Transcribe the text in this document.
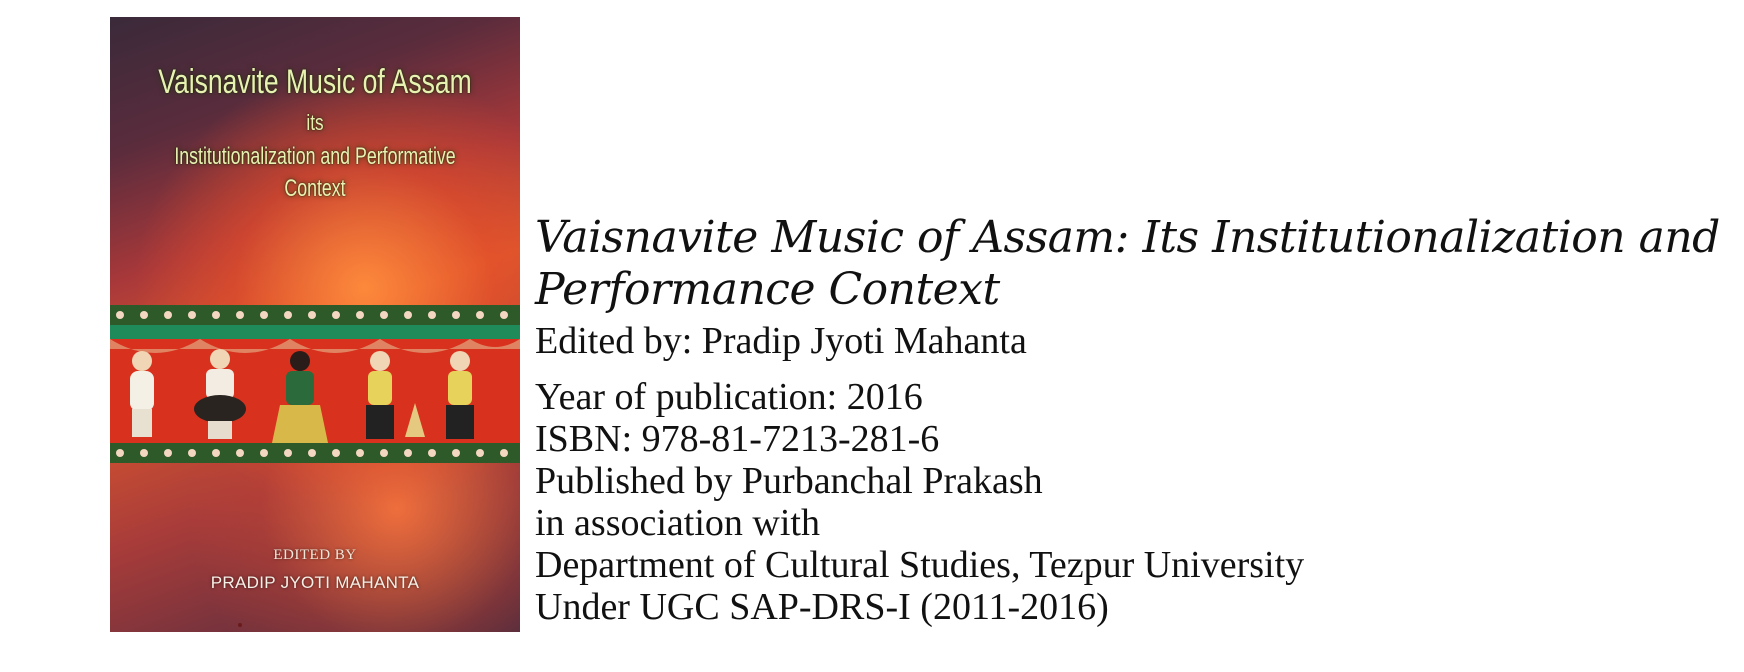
Vaisnavite Music of Assam
its
Institutionalization and Performative
Context
EDITED BY
PRADIP JYOTI MAHANTA
Vaisnavite Music of Assam: Its Institutionalization and
Performance Context
Edited by: Pradip Jyoti Mahanta
Year of publication: 2016
ISBN: 978-81-7213-281-6
Published by Purbanchal Prakash
in association with
Department of Cultural Studies, Tezpur University
Under UGC SAP-DRS-I (2011-2016)
